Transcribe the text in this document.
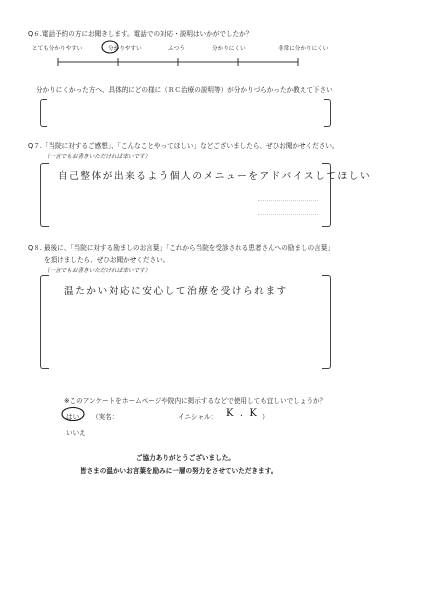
Q６.電話予約の方にお聞きします。電話での対応・説明はいかがでしたか？
とても分かりやすい	分かりやすい	ふつう	分かりにくい	非常に分かりにくい
分かりにくかった方へ、具体的にどの様に（ＲＣ治療の説明等）が分かりづらかったか教えて下さい
Q７.「当院に対するご感想」、「こんなことやってほしい」などございましたら、ぜひお聞かせください。
（一言でもお書きいただければ幸いです）
自己整体が出来るよう個人のメニューをアドバイスしてほしい
Q８. 最後に、「当院に対する励ましのお言葉」「これから当院を受診される患者さんへの励ましの言葉」
を頂けましたら、ぜひお聞かせください。
（一言でもお書きいただければ幸いです）
温たかい対応に安心して治療を受けられます
※このアンケートをホームページや院内に掲示するなどで使用しても宜しいでしょうか？
はい （実名：	イニシャル： K . K ）
いいえ
ご協力ありがとうございました。
皆さまの温かいお言葉を励みに一層の努力をさせていただきます。
